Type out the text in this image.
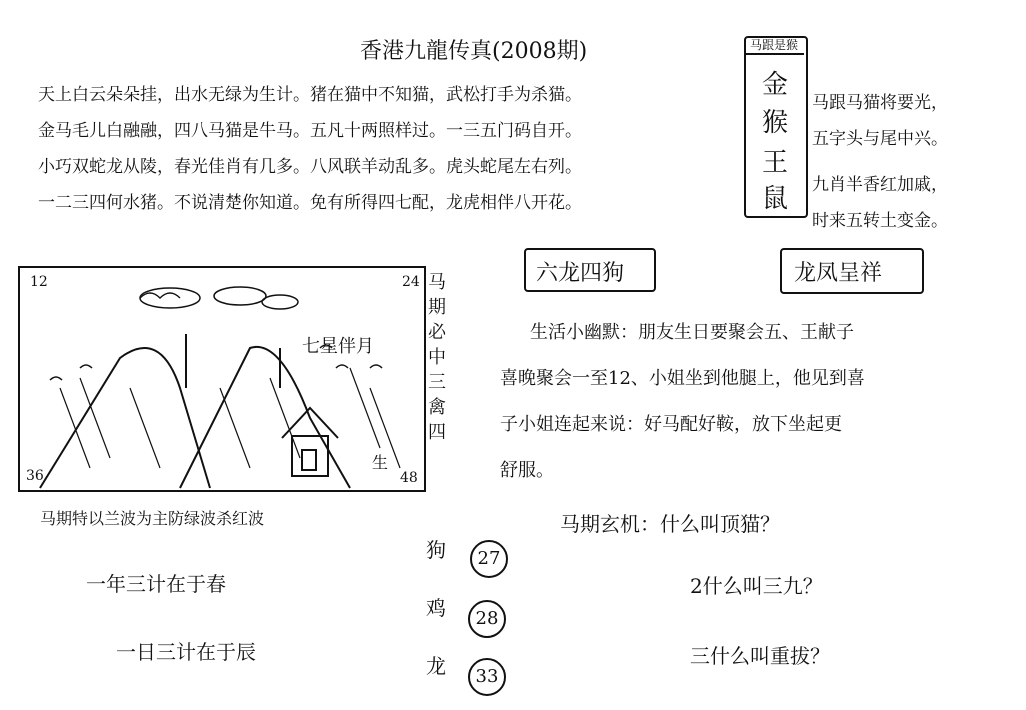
香港九龍传真(2008期)
天上白云朵朵挂，出水无绿为生计。猪在猫中不知猫，武松打手为杀猫。
金马毛儿白融融，四八马猫是牛马。五凡十两照样过。一三五门码自开。
小巧双蛇龙从陵，春光佳肖有几多。八风联羊动乱多。虎头蛇尾左右列。
一二三四何水猪。不说清楚你知道。免有所得四七配，龙虎相伴八开花。
马跟是猴
金
猴
王
鼠
马跟马猫将要光，
五字头与尾中兴。
九肖半香红加戚，
时来五转土变金。
六龙四狗	龙凤呈祥
12	24
36	48
七星伴月
生
马期必中三禽四
生活小幽默：朋友生日要聚会五、王献子
喜晚聚会一至12、小姐坐到他腿上，他见到喜
子小姐连起来说：好马配好鞍，放下坐起更
舒服。
马期特以兰波为主防绿波杀红波
一年三计在于春
一日三计在于辰
狗	27
鸡	28
龙	33
马期玄机：什么叫顶猫？
2什么叫三九？
三什么叫重拔？
